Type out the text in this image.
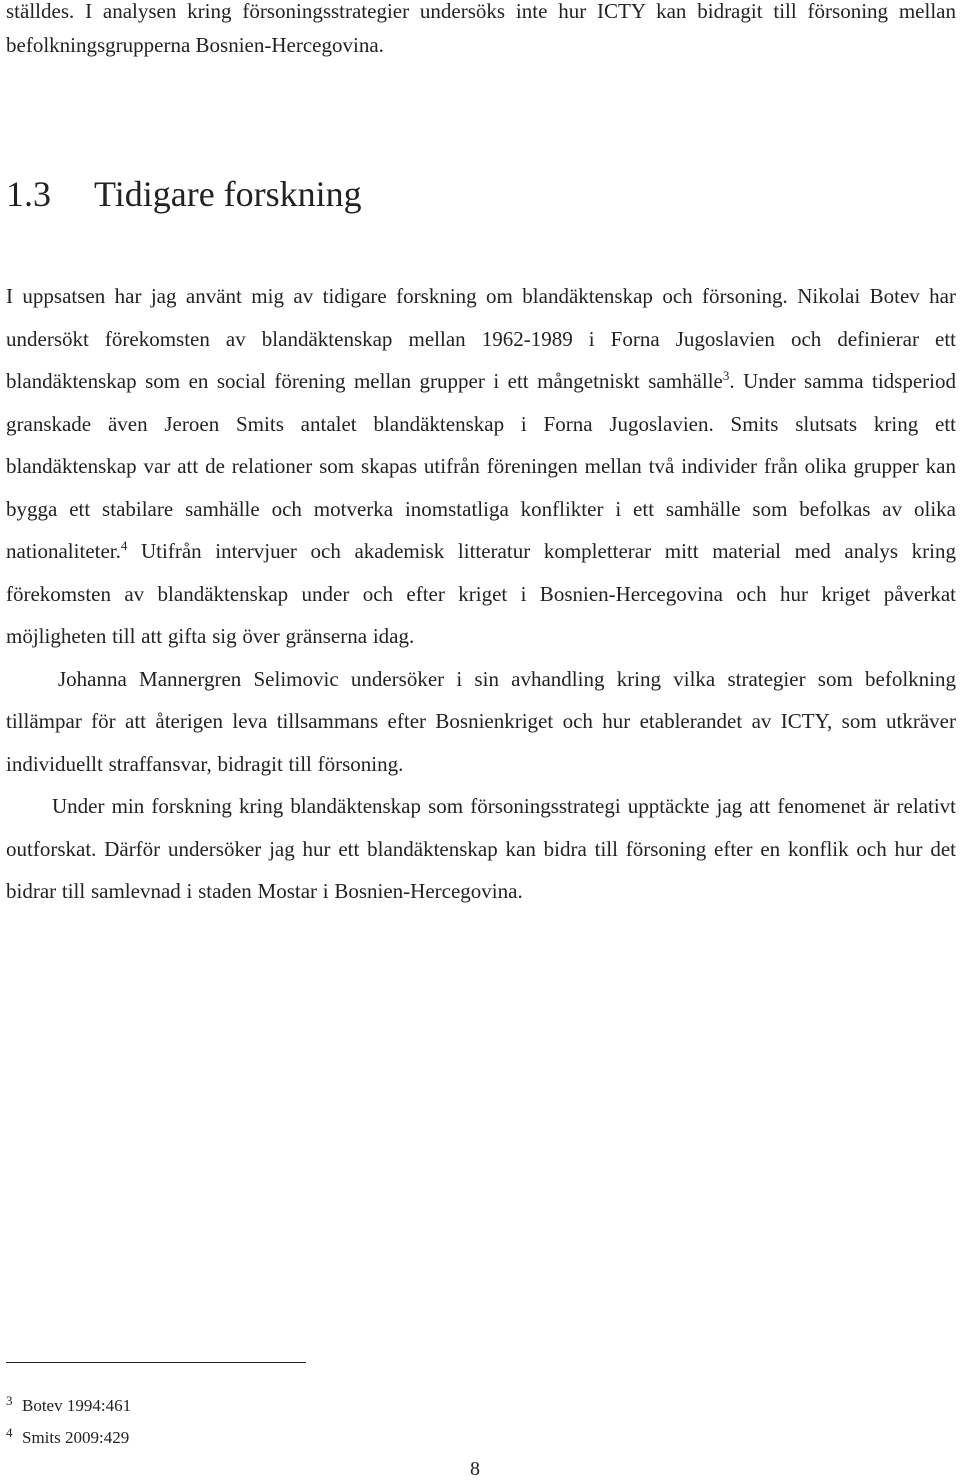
ställdes. I analysen kring försoningsstrategier undersöks inte hur ICTY kan bidragit till försoning mellan befolkningsgrupperna Bosnien-Hercegovina.

1.3 Tidigare forskning

I uppsatsen har jag använt mig av tidigare forskning om blandäktenskap och försoning. Nikolai Botev har undersökt förekomsten av blandäktenskap mellan 1962-1989 i Forna Jugoslavien och definierar ett blandäktenskap som en social förening mellan grupper i ett mångetniskt samhälle$^3$. Under samma tidsperiod granskade även Jeroen Smits antalet blandäktenskap i Forna Jugoslavien. Smits slutsats kring ett blandäktenskap var att de relationer som skapas utifrån föreningen mellan två individer från olika grupper kan bygga ett stabilare samhälle och motverka inomstatliga konflikter i ett samhälle som befolkas av olika nationaliteter.$^4$ Utifrån intervjuer och akademisk litteratur kompletterar mitt material med analys kring förekomsten av blandäktenskap under och efter kriget i Bosnien-Hercegovina och hur kriget påverkat möjligheten till att gifta sig över gränserna idag.

Johanna Mannergren Selimovic undersöker i sin avhandling kring vilka strategier som befolkning tillämpar för att återigen leva tillsammans efter Bosnienkriget och hur etablerandet av ICTY, som utkräver individuellt straffansvar, bidragit till försoning.

Under min forskning kring blandäktenskap som försoningsstrategi upptäckte jag att fenomenet är relativt outforskat. Därför undersöker jag hur ett blandäktenskap kan bidra till försoning efter en konflik och hur det bidrar till samlevnad i staden Mostar i Bosnien-Hercegovina.

3 Botev 1994:461
4 Smits 2009:429
8
